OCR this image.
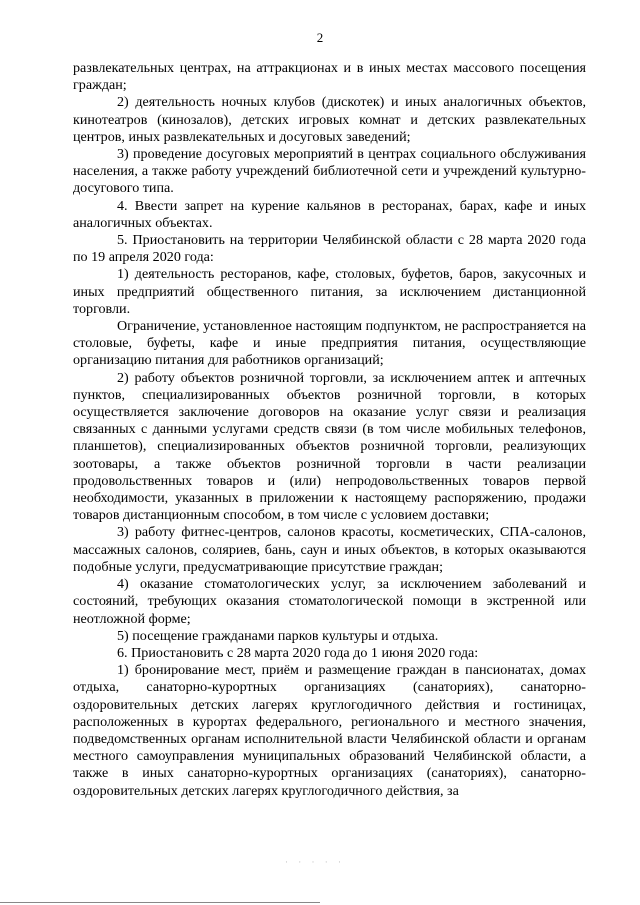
2

развлекательных центрах, на аттракционах и в иных местах массового посещения граждан;

2) деятельность ночных клубов (дискотек) и иных аналогичных объектов, кинотеатров (кинозалов), детских игровых комнат и детских развлекательных центров, иных развлекательных и досуговых заведений;

3) проведение досуговых мероприятий в центрах социального обслуживания населения, а также работу учреждений библиотечной сети и учреждений культурно-досугового типа.

4. Ввести запрет на курение кальянов в ресторанах, барах, кафе и иных аналогичных объектах.

5. Приостановить на территории Челябинской области с 28 марта 2020 года по 19 апреля 2020 года:

1) деятельность ресторанов, кафе, столовых, буфетов, баров, закусочных и иных предприятий общественного питания, за исключением дистанционной торговли.

Ограничение, установленное настоящим подпунктом, не распространяется на столовые, буфеты, кафе и иные предприятия питания, осуществляющие организацию питания для работников организаций;

2) работу объектов розничной торговли, за исключением аптек и аптечных пунктов, специализированных объектов розничной торговли, в которых осуществляется заключение договоров на оказание услуг связи и реализация связанных с данными услугами средств связи (в том числе мобильных телефонов, планшетов), специализированных объектов розничной торговли, реализующих зоотовары, а также объектов розничной торговли в части реализации продовольственных товаров и (или) непродовольственных товаров первой необходимости, указанных в приложении к настоящему распоряжению, продажи товаров дистанционным способом, в том числе с условием доставки;

3) работу фитнес-центров, салонов красоты, косметических, СПА-салонов, массажных салонов, соляриев, бань, саун и иных объектов, в которых оказываются подобные услуги, предусматривающие присутствие граждан;

4) оказание стоматологических услуг, за исключением заболеваний и состояний, требующих оказания стоматологической помощи в экстренной или неотложной форме;

5) посещение гражданами парков культуры и отдыха.

6. Приостановить с 28 марта 2020 года до 1 июня 2020 года:

1) бронирование мест, приём и размещение граждан в пансионатах, домах отдыха, санаторно-курортных организациях (санаториях), санаторно-оздоровительных детских лагерях круглогодичного действия и гостиницах, расположенных в курортах федерального, регионального и местного значения, подведомственных органам исполнительной власти Челябинской области и органам местного самоуправления муниципальных образований Челябинской области, а также в иных санаторно-курортных организациях (санаториях), санаторно-оздоровительных детских лагерях круглогодичного действия, за

· · · · ·
